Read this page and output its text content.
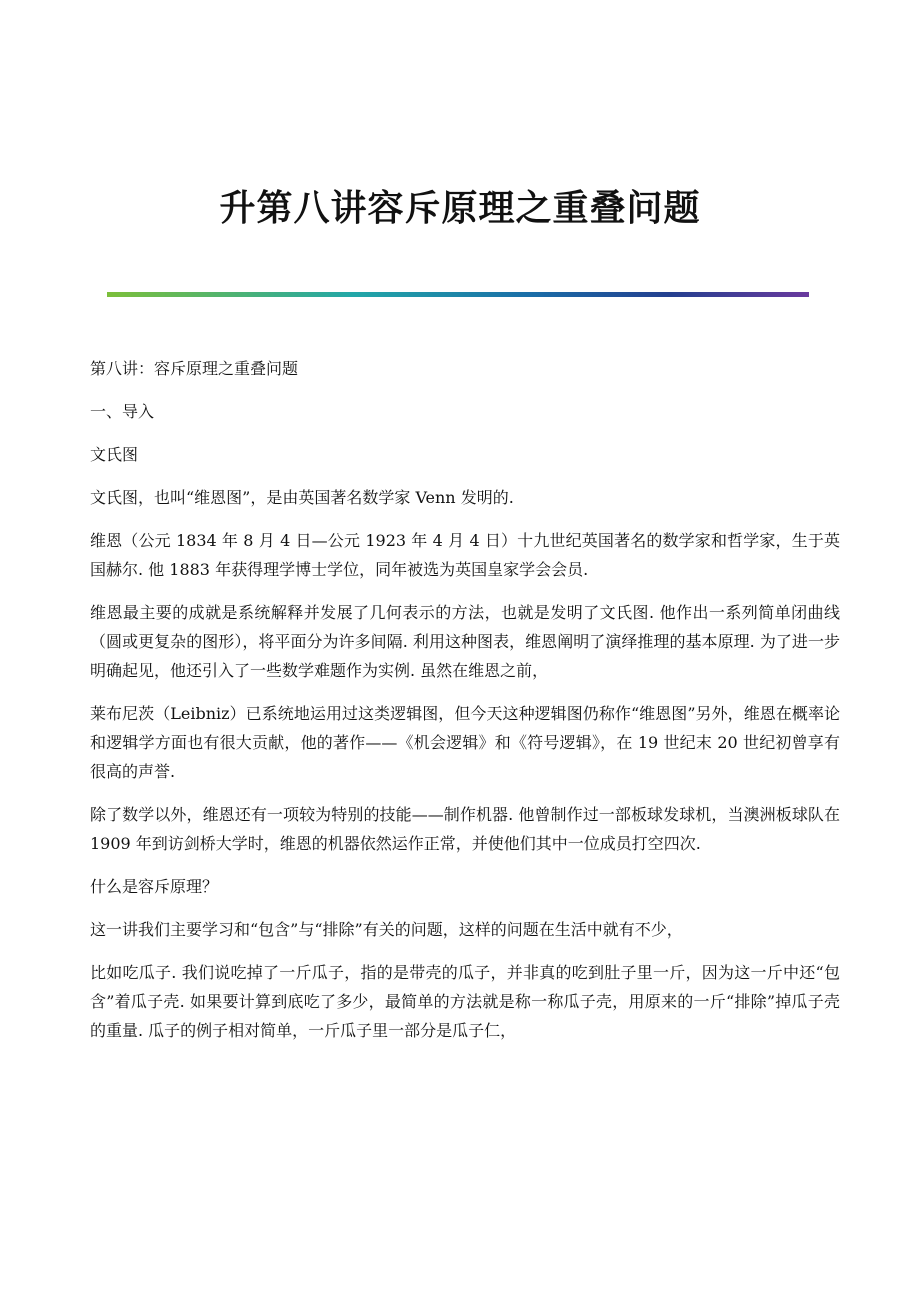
升第八讲容斥原理之重叠问题

第八讲：容斥原理之重叠问题

一、导入

文氏图

文氏图，也叫“维恩图”，是由英国著名数学家 Venn 发明的.

维恩（公元 1834 年 8 月 4 日—公元 1923 年 4 月 4 日）十九世纪英国著名的数学家和哲学家，生于英国赫尔. 他 1883 年获得理学博士学位，同年被选为英国皇家学会会员.

维恩最主要的成就是系统解释并发展了几何表示的方法，也就是发明了文氏图. 他作出一系列简单闭曲线（圆或更复杂的图形），将平面分为许多间隔. 利用这种图表，维恩阐明了演绎推理的基本原理. 为了进一步明确起见，他还引入了一些数学难题作为实例. 虽然在维恩之前，

莱布尼茨（Leibniz）已系统地运用过这类逻辑图，但今天这种逻辑图仍称作“维恩图”另外，维恩在概率论和逻辑学方面也有很大贡献，他的著作——《机会逻辑》和《符号逻辑》，在 19 世纪末 20 世纪初曾享有很高的声誉.

除了数学以外，维恩还有一项较为特别的技能——制作机器. 他曾制作过一部板球发球机，当澳洲板球队在 1909 年到访剑桥大学时，维恩的机器依然运作正常，并使他们其中一位成员打空四次.

什么是容斥原理？

这一讲我们主要学习和“包含”与“排除”有关的问题，这样的问题在生活中就有不少，

比如吃瓜子. 我们说吃掉了一斤瓜子，指的是带壳的瓜子，并非真的吃到肚子里一斤，因为这一斤中还“包含”着瓜子壳. 如果要计算到底吃了多少，最简单的方法就是称一称瓜子壳，用原来的一斤“排除”掉瓜子壳的重量. 瓜子的例子相对简单，一斤瓜子里一部分是瓜子仁，
